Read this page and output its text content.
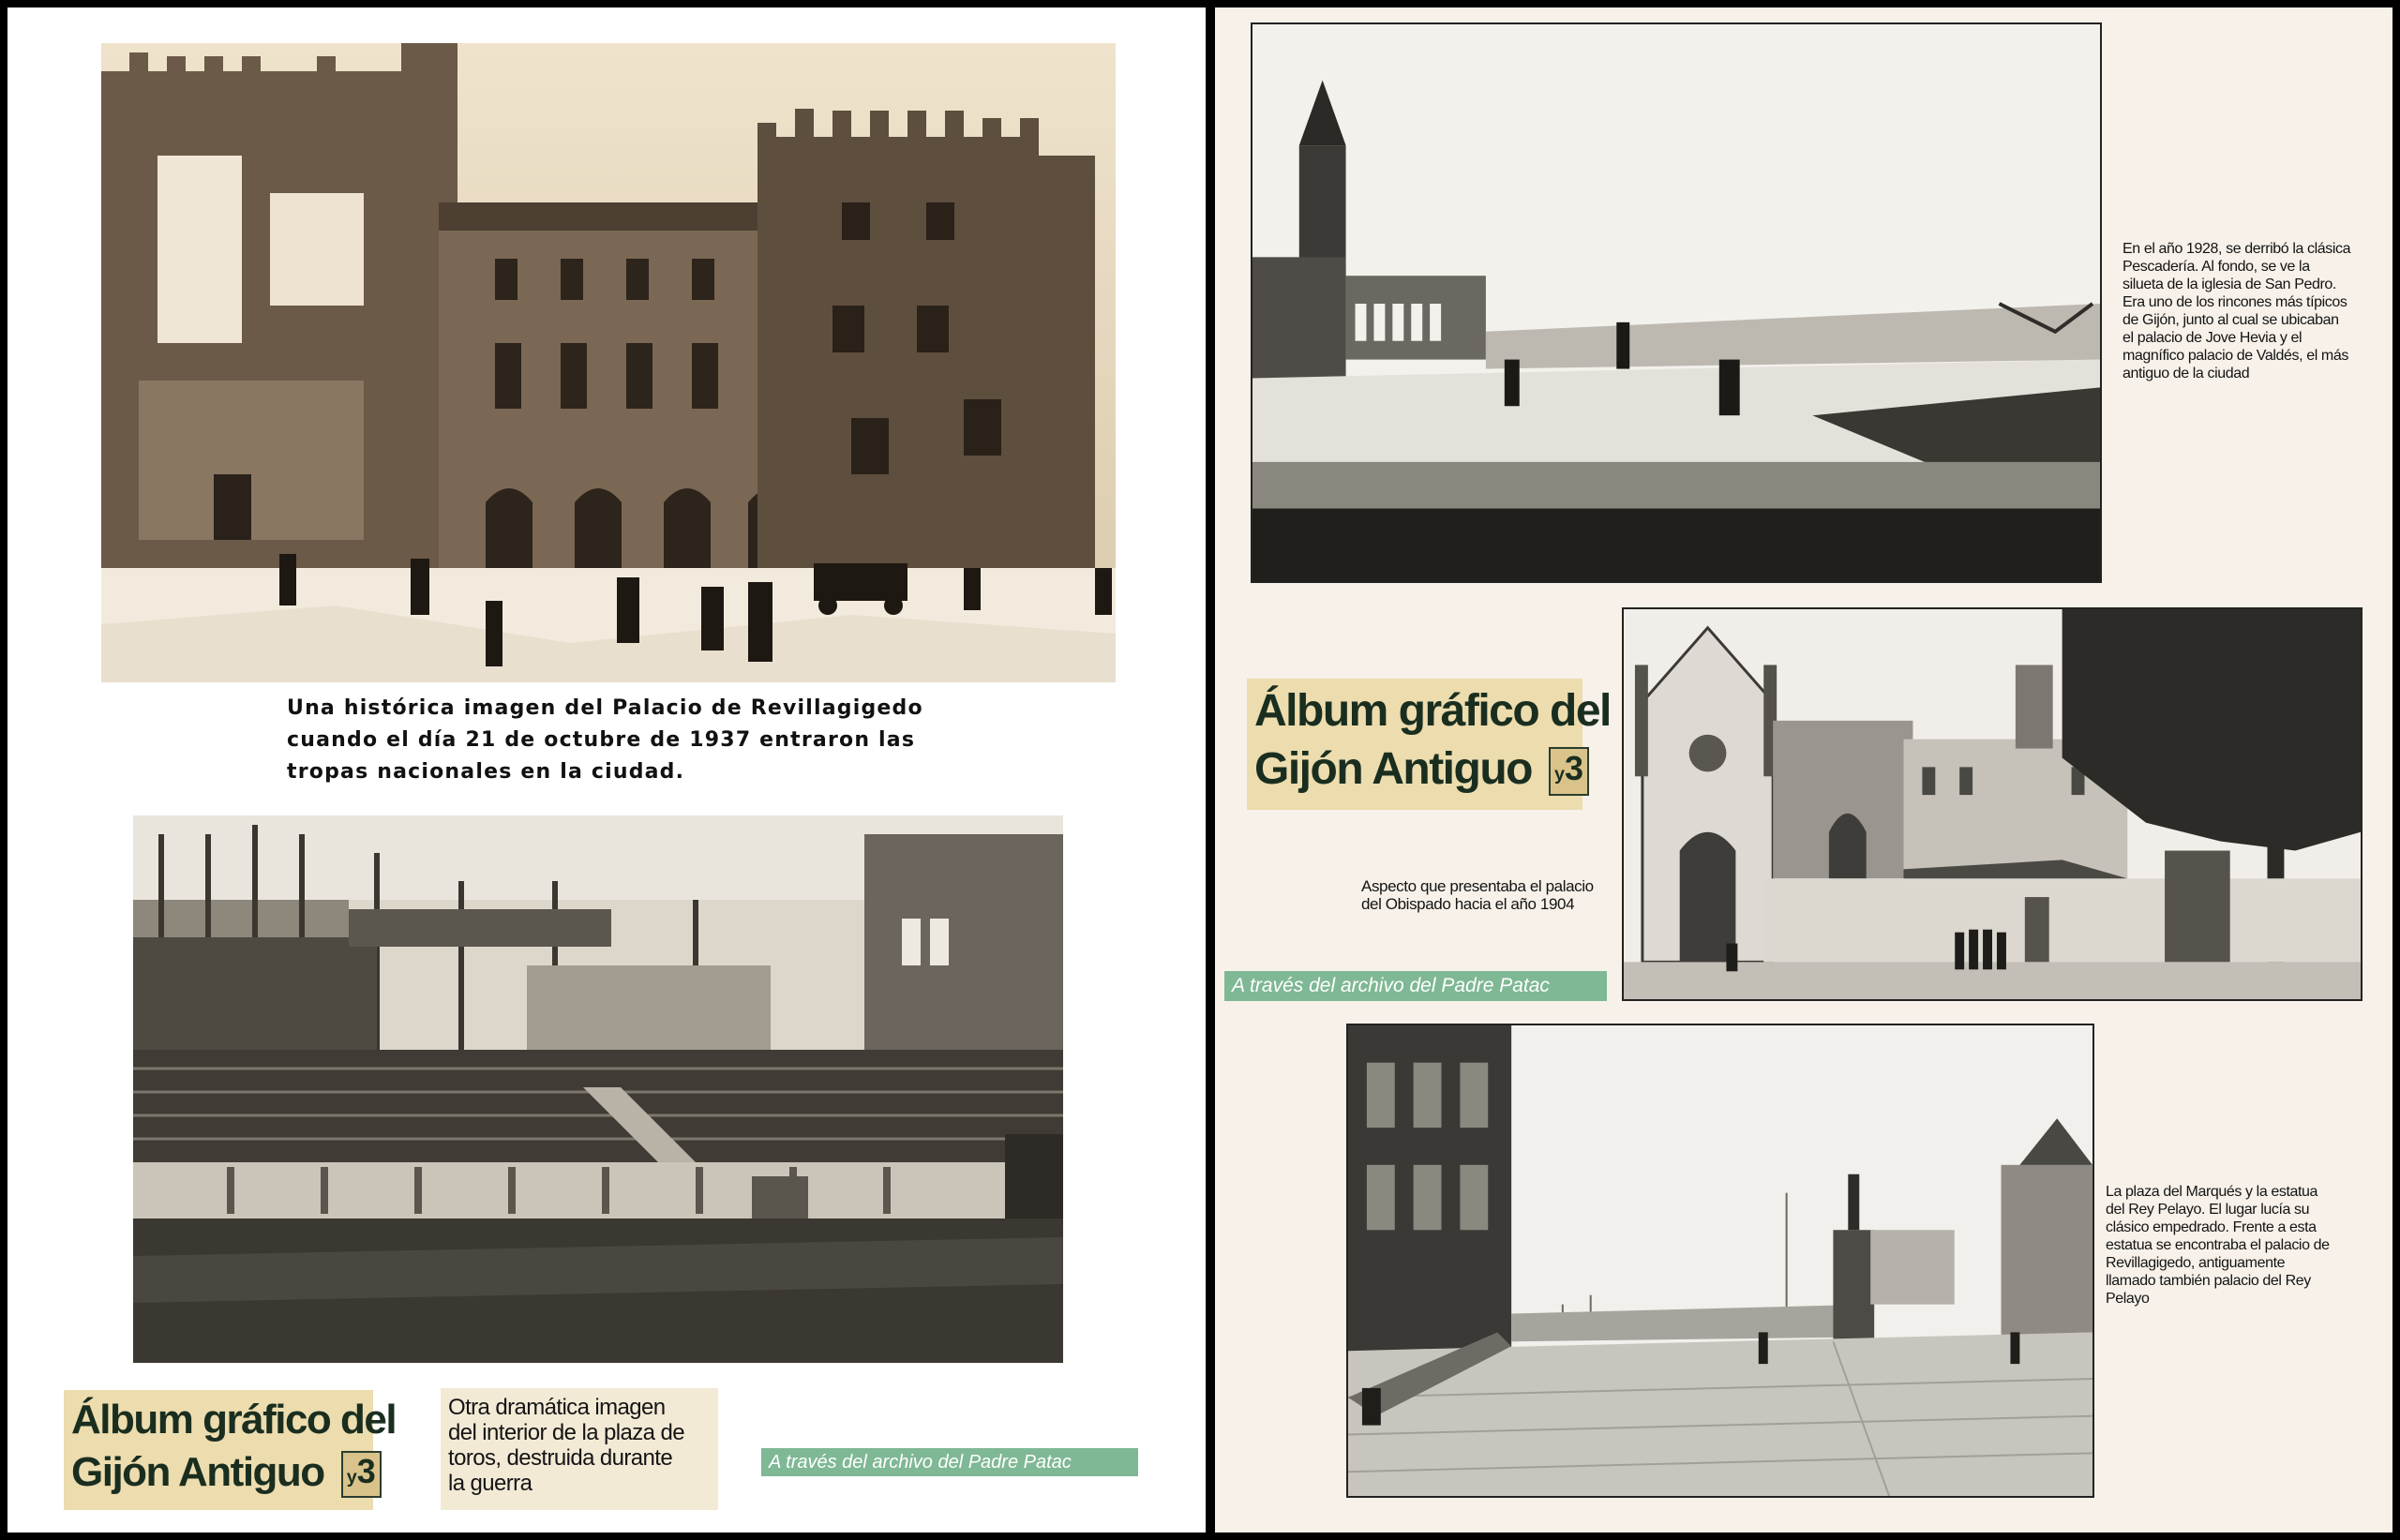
Una histórica imagen del Palacio de Revillagigedo
cuando el día 21 de octubre de 1937 entraron las
tropas nacionales en la ciudad.
Álbum gráfico del
Gijón Antiguo y3
Otra dramática imagen
del interior de la plaza de
toros, destruida durante
la guerra
A través del archivo del Padre Patac
En el año 1928, se derribó la clásica
Pescadería. Al fondo, se ve la
silueta de la iglesia de San Pedro.
Era uno de los rincones más típicos
de Gijón, junto al cual se ubicaban
el palacio de Jove Hevia y el
magnífico palacio de Valdés, el más
antiguo de la ciudad
Álbum gráfico del
Gijón Antiguo y3
Aspecto que presentaba el palacio
del Obispado hacia el año 1904
A través del archivo del Padre Patac
La plaza del Marqués y la estatua
del Rey Pelayo. El lugar lucía su
clásico empedrado. Frente a esta
estatua se encontraba el palacio de
Revillagigedo, antiguamente
llamado también palacio del Rey
Pelayo
